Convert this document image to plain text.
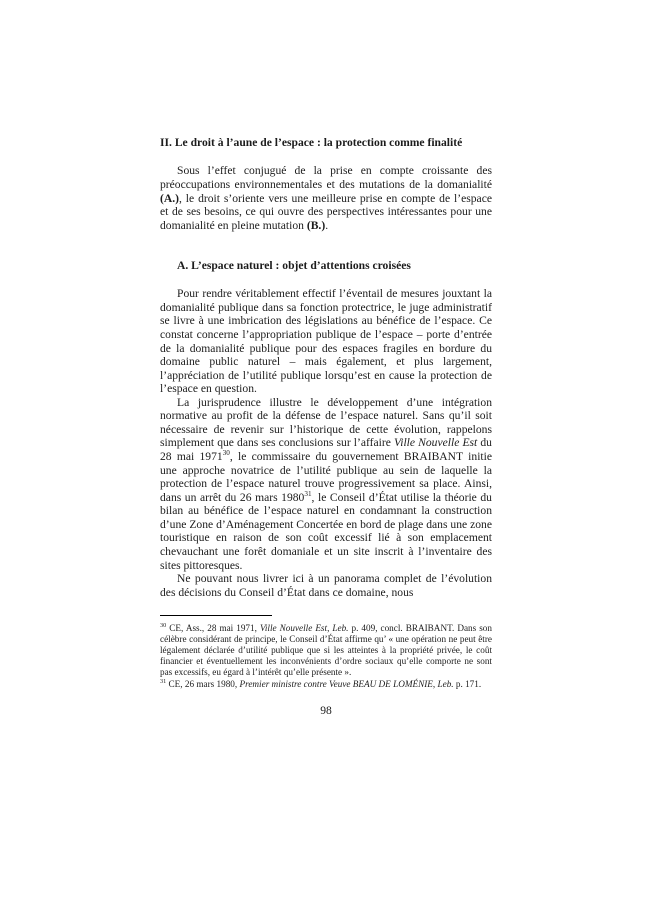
II. Le droit à l’aune de l’espace : la protection comme finalité

Sous l’effet conjugué de la prise en compte croissante des préoccupations environnementales et des mutations de la domanialité (A.), le droit s’oriente vers une meilleure prise en compte de l’espace et de ses besoins, ce qui ouvre des perspectives intéressantes pour une domanialité en pleine mutation (B.).

A. L’espace naturel : objet d’attentions croisées

Pour rendre véritablement effectif l’éventail de mesures jouxtant la domanialité publique dans sa fonction protectrice, le juge administratif se livre à une imbrication des législations au bénéfice de l’espace. Ce constat concerne l’appropriation publique de l’espace – porte d’entrée de la domanialité publique pour des espaces fragiles en bordure du domaine public naturel – mais également, et plus largement, l’appréciation de l’utilité publique lorsqu’est en cause la protection de l’espace en question.

La jurisprudence illustre le développement d’une intégration normative au profit de la défense de l’espace naturel. Sans qu’il soit nécessaire de revenir sur l’historique de cette évolution, rappelons simplement que dans ses conclusions sur l’affaire Ville Nouvelle Est du 28 mai 1971$^{30}$, le commissaire du gouvernement BRAIBANT initie une approche novatrice de l’utilité publique au sein de laquelle la protection de l’espace naturel trouve progressivement sa place. Ainsi, dans un arrêt du 26 mars 1980$^{31}$, le Conseil d’État utilise la théorie du bilan au bénéfice de l’espace naturel en condamnant la construction d’une Zone d’Aménagement Concertée en bord de plage dans une zone touristique en raison de son coût excessif lié à son emplacement chevauchant une forêt domaniale et un site inscrit à l’inventaire des sites pittoresques.

Ne pouvant nous livrer ici à un panorama complet de l’évolution des décisions du Conseil d’État dans ce domaine, nous

$^{30}$ CE, Ass., 28 mai 1971, Ville Nouvelle Est, Leb. p. 409, concl. BRAIBANT. Dans son célèbre considérant de principe, le Conseil d’État affirme qu’ « une opération ne peut être légalement déclarée d’utilité publique que si les atteintes à la propriété privée, le coût financier et éventuellement les inconvénients d’ordre sociaux qu’elle comporte ne sont pas excessifs, eu égard à l’intérêt qu’elle présente ».

$^{31}$ CE, 26 mars 1980, Premier ministre contre Veuve BEAU DE LOMÉNIE, Leb. p. 171.

98
